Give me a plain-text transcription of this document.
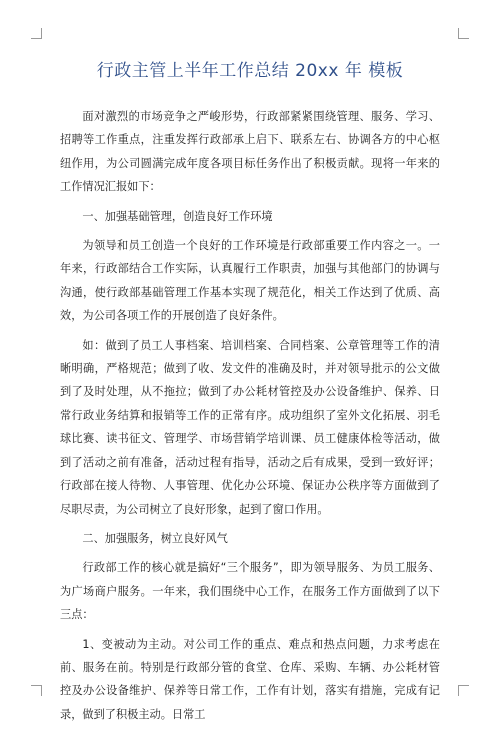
行政主管上半年工作总结 20xx 年 模板

面对激烈的市场竞争之严峻形势，行政部紧紧围绕管理、服务、学习、招聘等工作重点，注重发挥行政部承上启下、联系左右、协调各方的中心枢纽作用，为公司圆满完成年度各项目标任务作出了积极贡献。现将一年来的工作情况汇报如下：

一、加强基础管理，创造良好工作环境

为领导和员工创造一个良好的工作环境是行政部重要工作内容之一。一年来，行政部结合工作实际，认真履行工作职责，加强与其他部门的协调与沟通，使行政部基础管理工作基本实现了规范化，相关工作达到了优质、高效，为公司各项工作的开展创造了良好条件。

如：做到了员工人事档案、培训档案、合同档案、公章管理等工作的清晰明确，严格规范；做到了收、发文件的准确及时，并对领导批示的公文做到了及时处理，从不拖拉；做到了办公耗材管控及办公设备维护、保养、日常行政业务结算和报销等工作的正常有序。成功组织了室外文化拓展、羽毛球比赛、读书征文、管理学、市场营销学培训课、员工健康体检等活动，做到了活动之前有准备，活动过程有指导，活动之后有成果，受到一致好评；行政部在接人待物、人事管理、优化办公环境、保证办公秩序等方面做到了尽职尽责，为公司树立了良好形象，起到了窗口作用。

二、加强服务，树立良好风气

行政部工作的核心就是搞好“三个服务”，即为领导服务、为员工服务、为广场商户服务。一年来，我们围绕中心工作，在服务工作方面做到了以下三点：

1、变被动为主动。对公司工作的重点、难点和热点问题，力求考虑在前、服务在前。特别是行政部分管的食堂、仓库、采购、车辆、办公耗材管控及办公设备维护、保养等日常工作，工作有计划，落实有措施，完成有记录，做到了积极主动。日常工
